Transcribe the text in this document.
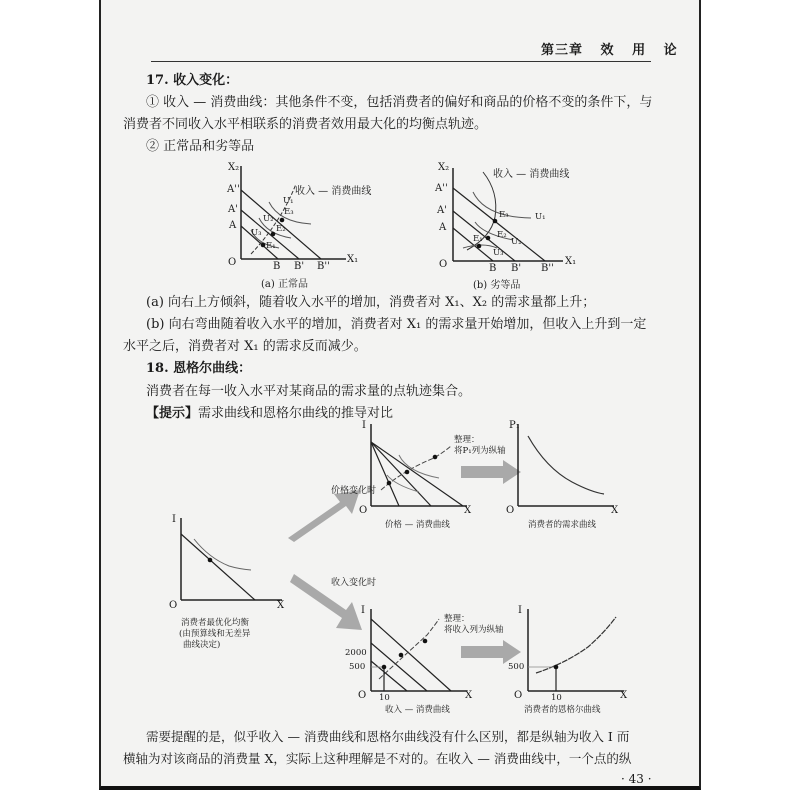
第三章 效 用 论
17. 收入变化：
① 收入 — 消费曲线：其他条件不变，包括消费者的偏好和商品的价格不变的条件下，与
消费者不同收入水平相联系的消费者效用最大化的均衡点轨迹。
② 正常品和劣等品
X₂
A''
A'
A
O	B B' B''
X₁
收入 — 消费曲线
E₃
E₂
E₁
U₁
U₂
U₃
(a) 正常品
X₂
A''
A'
A
O	B B' B''
X₁
收入 — 消费曲线
E₃
E₂
E₁
U₁
U₂
U₃
(b) 劣等品
(a) 向右上方倾斜，随着收入水平的增加，消费者对 X₁、X₂ 的需求量都上升；
(b) 向右弯曲随着收入水平的增加，消费者对 X₁ 的需求量开始增加，但收入上升到一定
水平之后，消费者对 X₁ 的需求反而减少。
18. 恩格尔曲线：
消费者在每一收入水平对某商品的需求量的点轨迹集合。
【提示】需求曲线和恩格尔曲线的推导对比
I
O	X
消费者最优化均衡
(由预算线和无差异
曲线决定)
价格变化时
收入变化时
I
O	X
价格 — 消费曲线
整理：
将P₁列为纵轴
P₁
O	X
消费者的需求曲线
I
2000
500
O 10	X
收入 — 消费曲线
整理：
将收入列为纵轴
I
500
O	10	X
消费者的恩格尔曲线
需要提醒的是，似乎收入 — 消费曲线和恩格尔曲线没有什么区别，都是纵轴为收入 I 而
横轴为对该商品的消费量 X，实际上这种理解是不对的。在收入 — 消费曲线中，一个点的纵
· 43 ·
